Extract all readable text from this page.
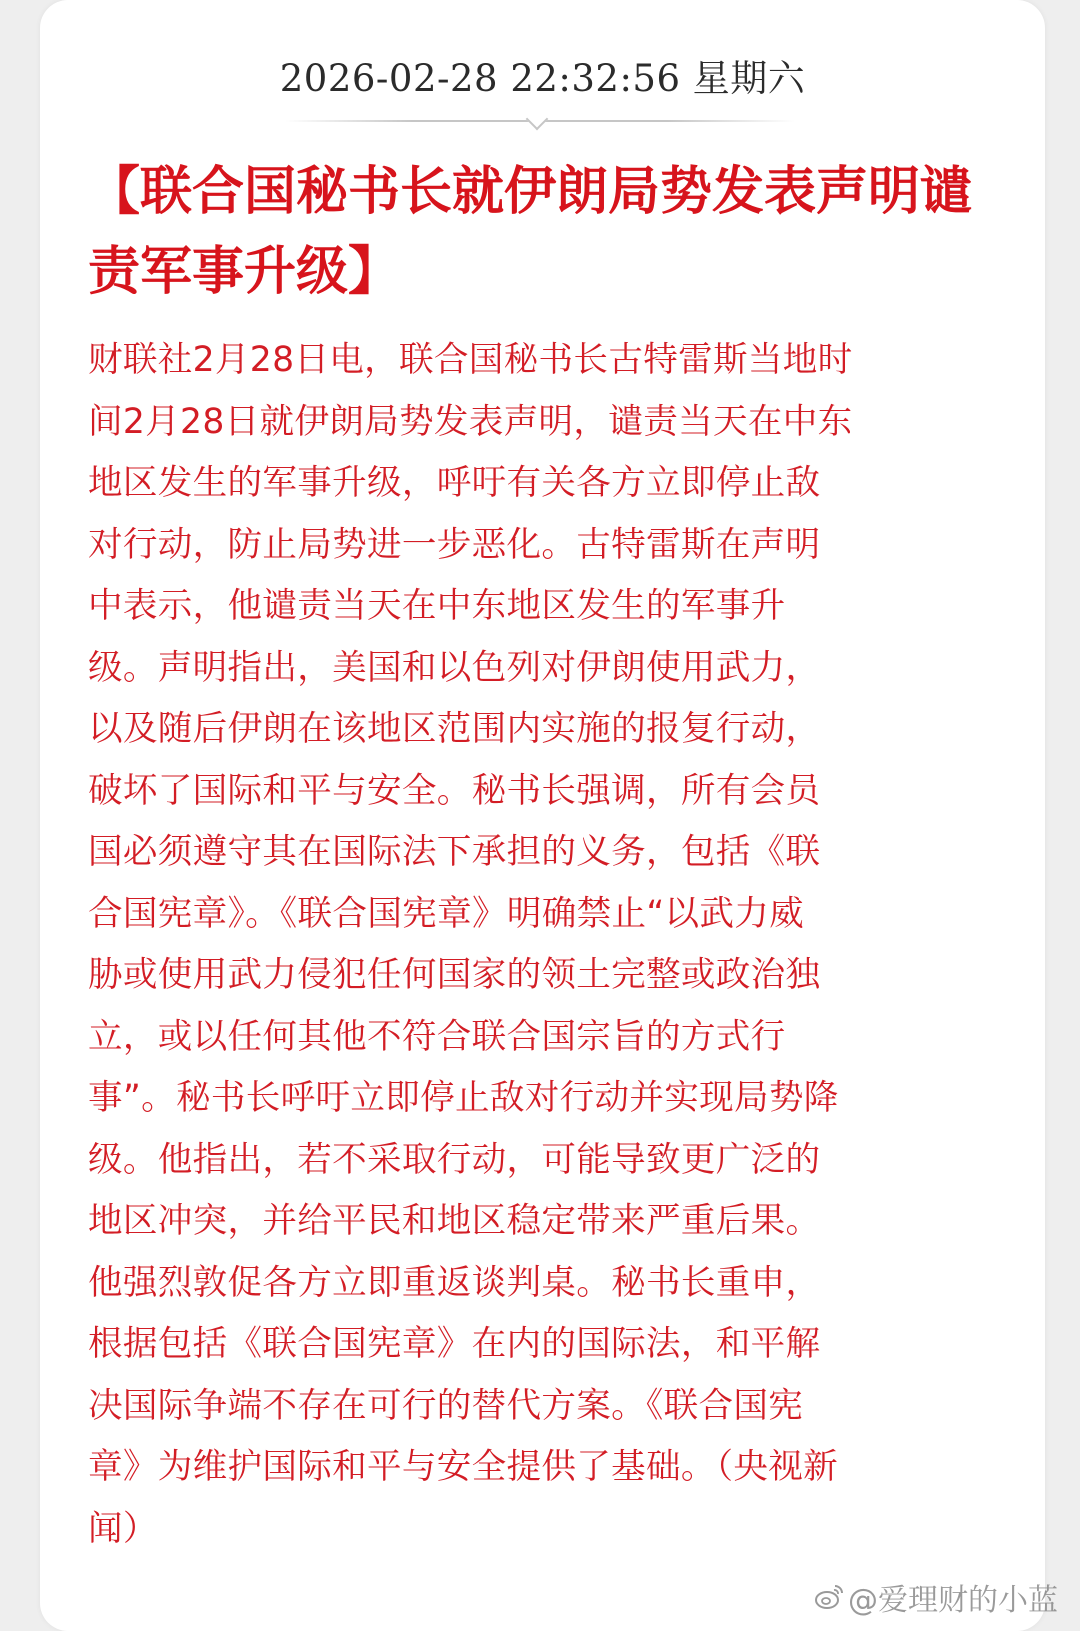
2026-02-28 22:32:56 星期六
【联合国秘书长就伊朗局势发表声明谴责军事升级】
财联社2月28日电，联合国秘书长古特雷斯当地时
间2月28日就伊朗局势发表声明，谴责当天在中东
地区发生的军事升级，呼吁有关各方立即停止敌
对行动，防止局势进一步恶化。古特雷斯在声明
中表示，他谴责当天在中东地区发生的军事升
级。声明指出，美国和以色列对伊朗使用武力，
以及随后伊朗在该地区范围内实施的报复行动，
破坏了国际和平与安全。秘书长强调，所有会员
国必须遵守其在国际法下承担的义务，包括《联
合国宪章》。《联合国宪章》明确禁止“以武力威
胁或使用武力侵犯任何国家的领土完整或政治独
立，或以任何其他不符合联合国宗旨的方式行
事”。秘书长呼吁立即停止敌对行动并实现局势降
级。他指出，若不采取行动，可能导致更广泛的
地区冲突，并给平民和地区稳定带来严重后果。
他强烈敦促各方立即重返谈判桌。秘书长重申，
根据包括《联合国宪章》在内的国际法，和平解
决国际争端不存在可行的替代方案。《联合国宪
章》为维护国际和平与安全提供了基础。（央视新
闻）
@爱理财的小蓝
